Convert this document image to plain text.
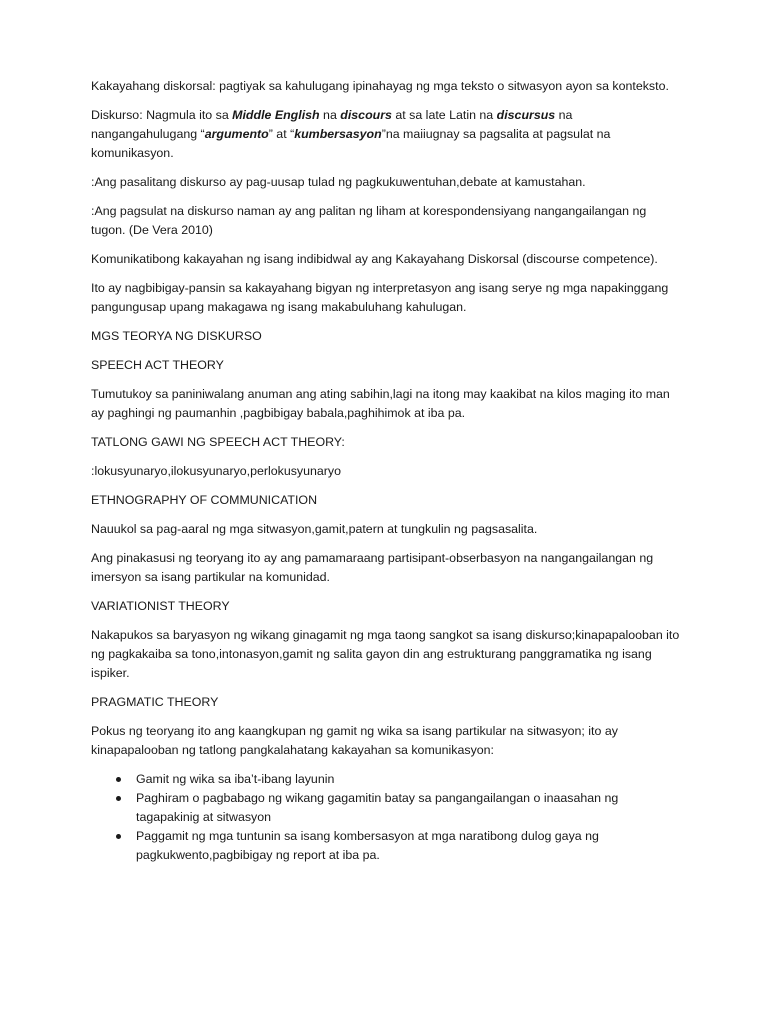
Kakayahang diskorsal: pagtiyak sa kahulugang ipinahayag ng mga teksto o sitwasyon ayon sa konteksto.

Diskurso: Nagmula ito sa Middle English na discours at sa late Latin na discursus na nangangahulugang “argumento” at “kumbersasyon”na maiiugnay sa pagsalita at pagsulat na komunikasyon.

:Ang pasalitang diskurso ay pag-uusap tulad ng pagkukuwentuhan,debate at kamustahan.

:Ang pagsulat na diskurso naman ay ang palitan ng liham at korespondensiyang nangangailangan ng tugon. (De Vera 2010)

Komunikatibong kakayahan ng isang indibidwal ay ang Kakayahang Diskorsal (discourse competence).

Ito ay nagbibigay-pansin sa kakayahang bigyan ng interpretasyon ang isang serye ng mga napakinggang pangungusap upang makagawa ng isang makabuluhang kahulugan.

MGS TEORYA NG DISKURSO

SPEECH ACT THEORY

Tumutukoy sa paniniwalang anuman ang ating sabihin,lagi na itong may kaakibat na kilos maging ito man ay paghingi ng paumanhin ,pagbibigay babala,paghihimok at iba pa.

TATLONG GAWI NG SPEECH ACT THEORY:

:lokusyunaryo,ilokusyunaryo,perlokusyunaryo

ETHNOGRAPHY OF COMMUNICATION

Nauukol sa pag-aaral ng mga sitwasyon,gamit,patern at tungkulin ng pagsasalita.

Ang pinakasusi ng teoryang ito ay ang pamamaraang partisipant-obserbasyon na nangangailangan ng imersyon sa isang partikular na komunidad.

VARIATIONIST THEORY

Nakapukos sa baryasyon ng wikang ginagamit ng mga taong sangkot sa isang diskurso;kinapapalooban ito ng pagkakaiba sa tono,intonasyon,gamit ng salita gayon din ang estrukturang panggramatika ng isang ispiker.

PRAGMATIC THEORY

Pokus ng teoryang ito ang kaangkupan ng gamit ng wika sa isang partikular na sitwasyon; ito ay kinapapalooban ng tatlong pangkalahatang kakayahan sa komunikasyon:

Gamit ng wika sa iba’t-ibang layunin
Paghiram o pagbabago ng wikang gagamitin batay sa pangangailangan o inaasahan ng tagapakinig at sitwasyon
Paggamit ng mga tuntunin sa isang kombersasyon at mga naratibong dulog gaya ng pagkukwento,pagbibigay ng report at iba pa.
